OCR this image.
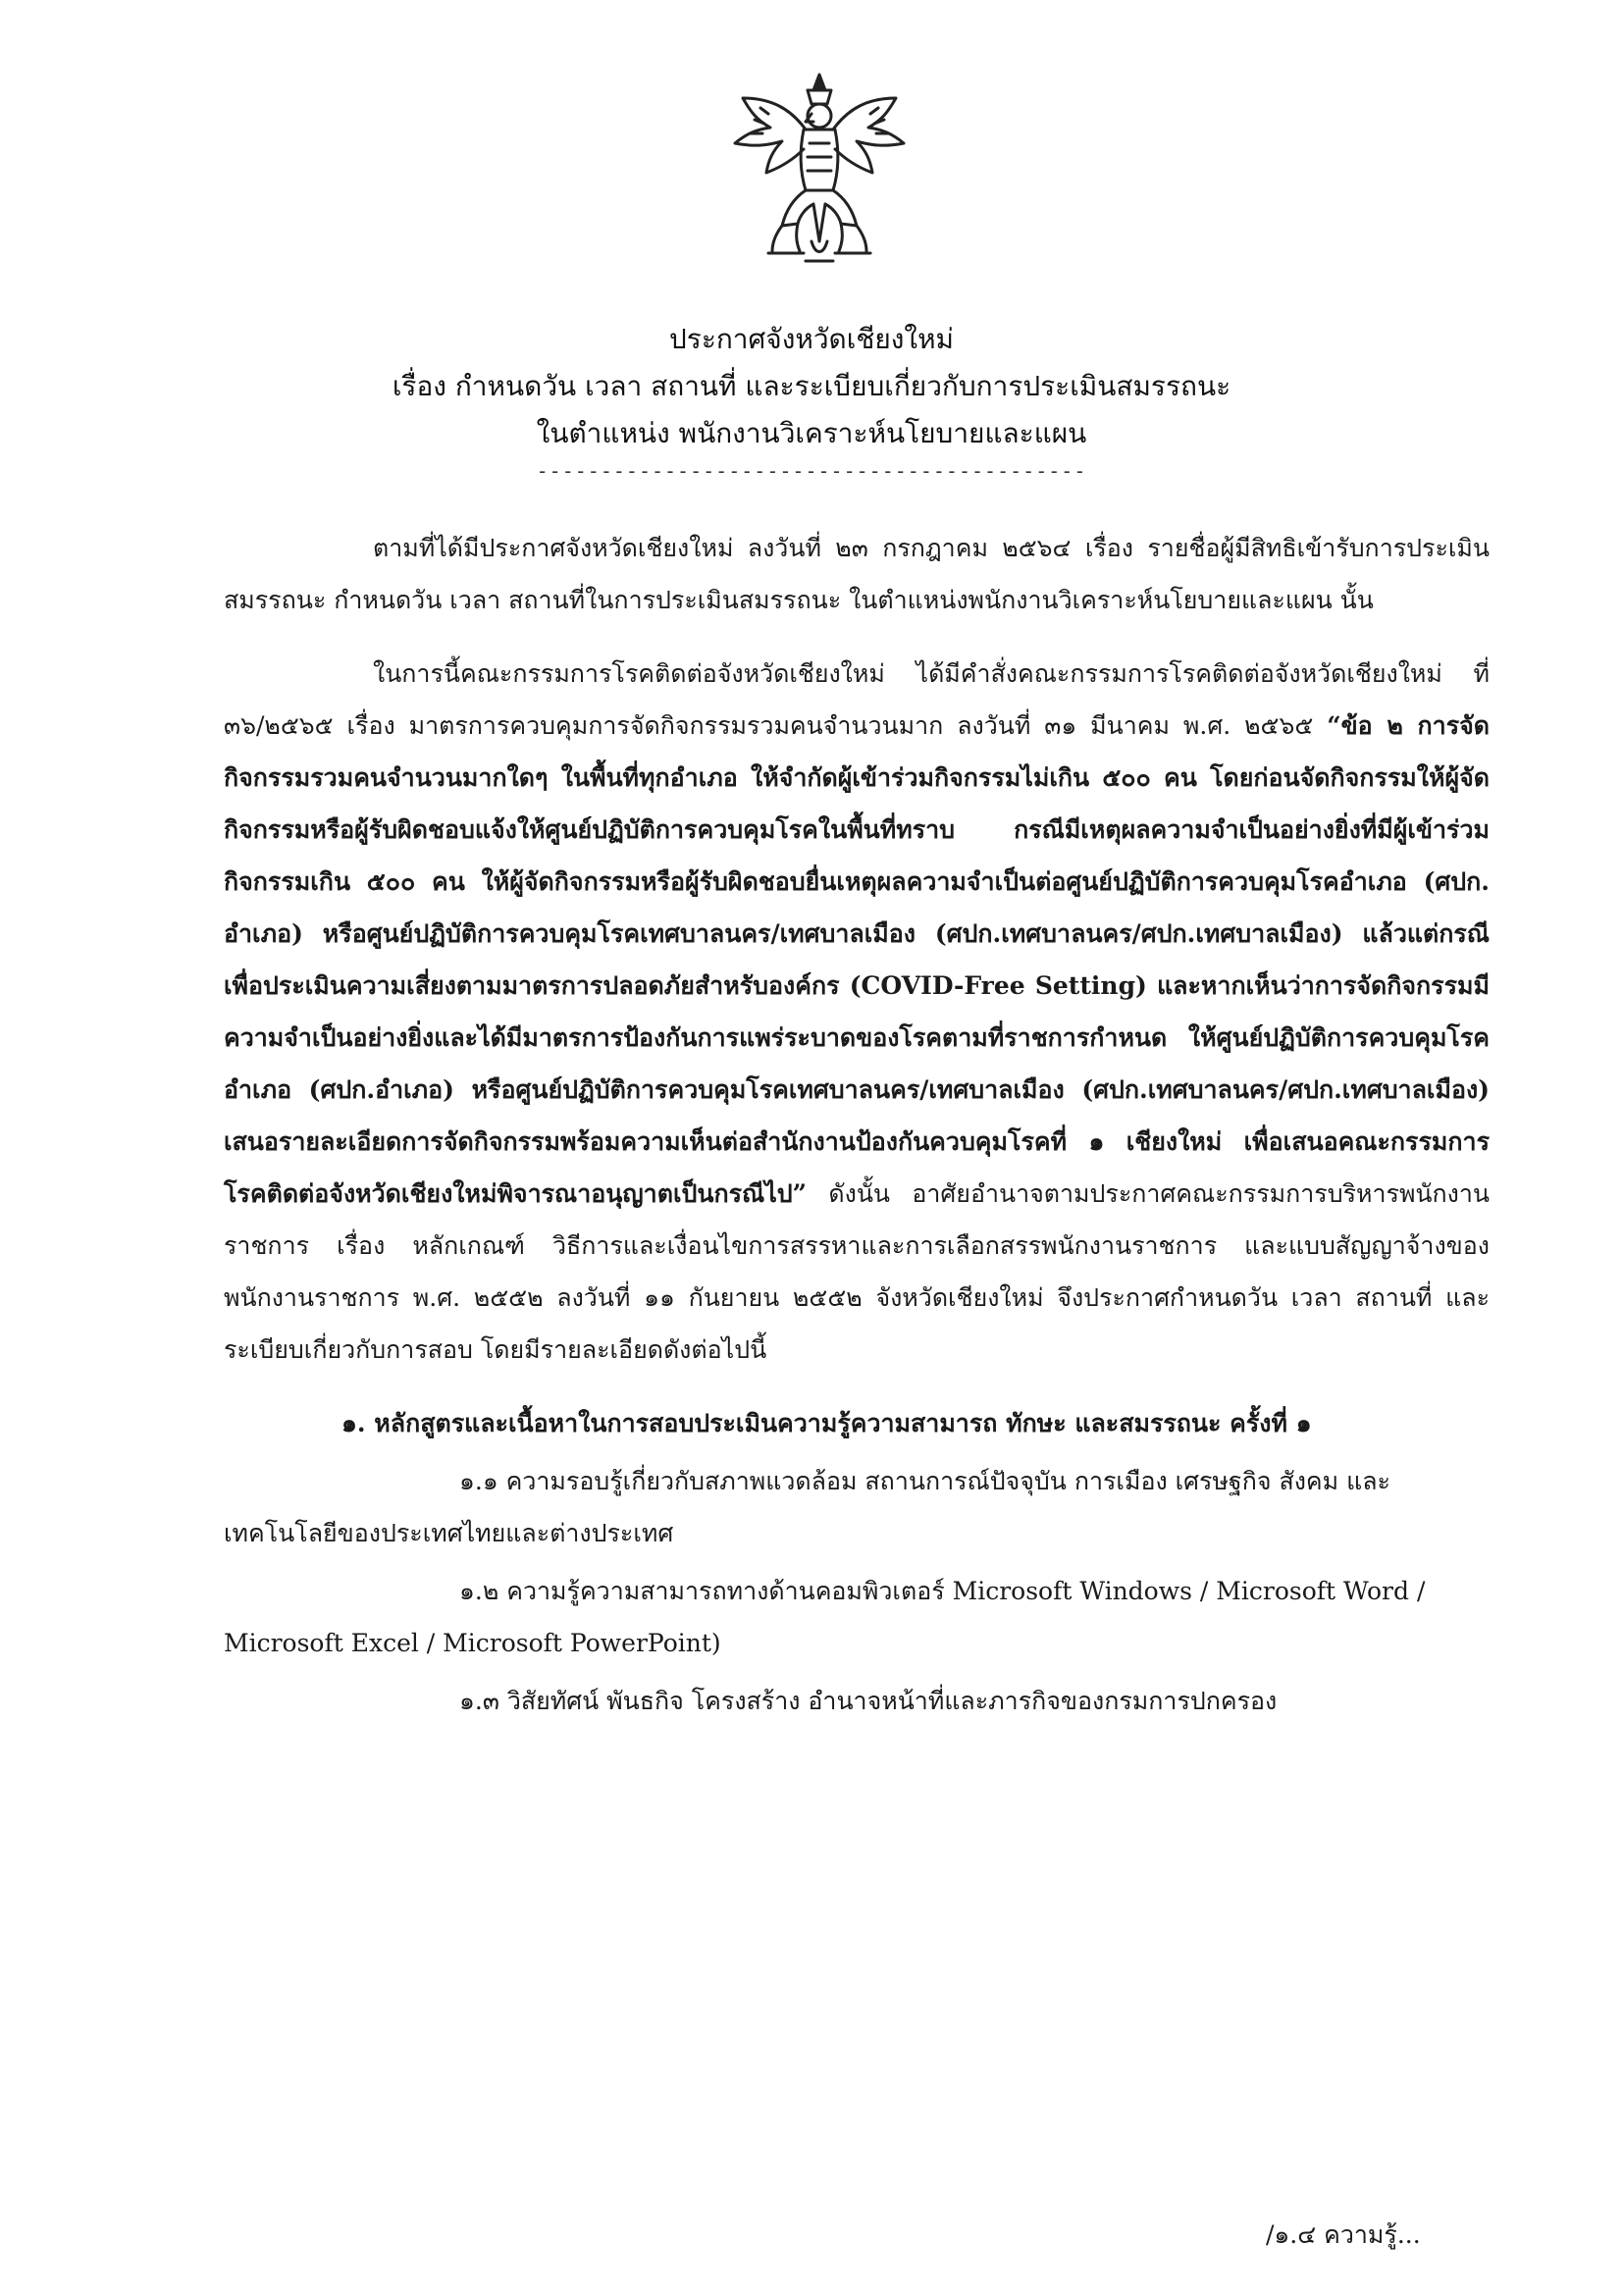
ประกาศจังหวัดเชียงใหม่

เรื่อง กำหนดวัน เวลา สถานที่ และระเบียบเกี่ยวกับการประเมินสมรรถนะ

ในตำแหน่ง พนักงานวิเคราะห์นโยบายและแผน

-------------------------------------------

ตามที่ได้มีประกาศจังหวัดเชียงใหม่ ลงวันที่ ๒๓ กรกฎาคม ๒๕๖๔ เรื่อง รายชื่อผู้มีสิทธิเข้ารับการประเมินสมรรถนะ กำหนดวัน เวลา สถานที่ในการประเมินสมรรถนะ ในตำแหน่งพนักงานวิเคราะห์นโยบายและแผน นั้น

ในการนี้คณะกรรมการโรคติดต่อจังหวัดเชียงใหม่ ได้มีคำสั่งคณะกรรมการโรคติดต่อจังหวัดเชียงใหม่ ที่ ๓๖/๒๕๖๕ เรื่อง มาตรการควบคุมการจัดกิจกรรมรวมคนจำนวนมาก ลงวันที่ ๓๑ มีนาคม พ.ศ. ๒๕๖๕ “ข้อ ๒ การจัดกิจกรรมรวมคนจำนวนมากใดๆ ในพื้นที่ทุกอำเภอ ให้จำกัดผู้เข้าร่วมกิจกรรมไม่เกิน ๕๐๐ คน โดยก่อนจัดกิจกรรมให้ผู้จัดกิจกรรมหรือผู้รับผิดชอบแจ้งให้ศูนย์ปฏิบัติการควบคุมโรคในพื้นที่ทราบ กรณีมีเหตุผลความจำเป็นอย่างยิ่งที่มีผู้เข้าร่วมกิจกรรมเกิน ๕๐๐ คน ให้ผู้จัดกิจกรรมหรือผู้รับผิดชอบยื่นเหตุผลความจำเป็นต่อศูนย์ปฏิบัติการควบคุมโรคอำเภอ (ศปก. อำเภอ) หรือศูนย์ปฏิบัติการควบคุมโรคเทศบาลนคร/เทศบาลเมือง (ศปก.เทศบาลนคร/ศปก.เทศบาลเมือง) แล้วแต่กรณี เพื่อประเมินความเสี่ยงตามมาตรการปลอดภัยสำหรับองค์กร (COVID-Free Setting) และหากเห็นว่าการจัดกิจกรรมมีความจำเป็นอย่างยิ่งและได้มีมาตรการป้องกันการแพร่ระบาดของโรคตามที่ราชการกำหนด ให้ศูนย์ปฏิบัติการควบคุมโรคอำเภอ (ศปก.อำเภอ) หรือศูนย์ปฏิบัติการควบคุมโรคเทศบาลนคร/เทศบาลเมือง (ศปก.เทศบาลนคร/ศปก.เทศบาลเมือง) เสนอรายละเอียดการจัดกิจกรรมพร้อมความเห็นต่อสำนักงานป้องกันควบคุมโรคที่ ๑ เชียงใหม่ เพื่อเสนอคณะกรรมการโรคติดต่อจังหวัดเชียงใหม่พิจารณาอนุญาตเป็นกรณีไป” ดังนั้น อาศัยอำนาจตามประกาศคณะกรรมการบริหารพนักงานราชการ เรื่อง หลักเกณฑ์ วิธีการและเงื่อนไขการสรรหาและการเลือกสรรพนักงานราชการ และแบบสัญญาจ้างของพนักงานราชการ พ.ศ. ๒๕๕๒ ลงวันที่ ๑๑ กันยายน ๒๕๕๒ จังหวัดเชียงใหม่ จึงประกาศกำหนดวัน เวลา สถานที่ และระเบียบเกี่ยวกับการสอบ โดยมีรายละเอียดดังต่อไปนี้

๑. หลักสูตรและเนื้อหาในการสอบประเมินความรู้ความสามารถ ทักษะ และสมรรถนะ ครั้งที่ ๑

๑.๑ ความรอบรู้เกี่ยวกับสภาพแวดล้อม สถานการณ์ปัจจุบัน การเมือง เศรษฐกิจ สังคม และเทคโนโลยีของประเทศไทยและต่างประเทศ

๑.๒ ความรู้ความสามารถทางด้านคอมพิวเตอร์ Microsoft Windows / Microsoft Word / Microsoft Excel / Microsoft PowerPoint)

๑.๓ วิสัยทัศน์ พันธกิจ โครงสร้าง อำนาจหน้าที่และภารกิจของกรมการปกครอง

/๑.๔ ความรู้...
